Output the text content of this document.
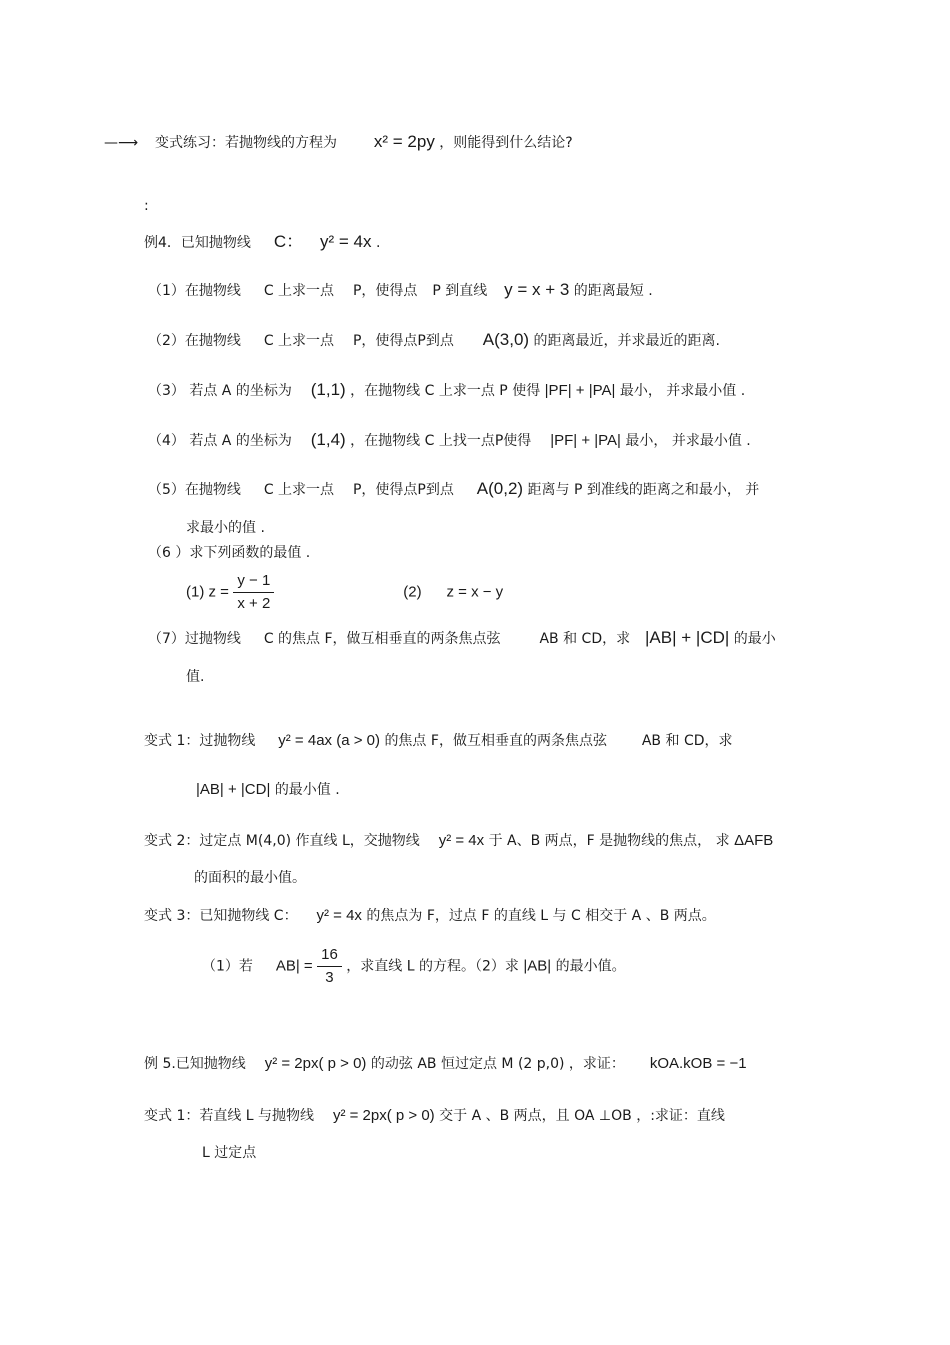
—⟶ 变式练习：若抛物线的方程为 x² = 2py ，则能得到什么结论?
:
例4．已知抛物线 C： y² = 4x .
（1）在抛物线 C 上求一点 P，使得点 P 到直线 y = x + 3 的距离最短 .
（2）在抛物线 C 上求一点 P，使得点P到点 A(3,0) 的距离最近，并求最近的距离.
（3） 若点 A 的坐标为 (1,1) ，在抛物线 C 上求一点 P 使得 |PF| + |PA| 最小， 并求最小值 .
（4） 若点 A 的坐标为 (1,4) ，在抛物线 C 上找一点P使得 |PF| + |PA| 最小， 并求最小值 .
（5）在抛物线 C 上求一点 P，使得点P到点 A(0,2) 距离与 P 到准线的距离之和最小， 并
求最小的值 .
（6 ）求下列函数的最值 .
(1) $z = \frac{y - 1}{x + 2}$	(2) z = x − y
（7）过抛物线 C 的焦点 F，做互相垂直的两条焦点弦	AB 和 CD，求 |AB| + |CD| 的最小
值.
变式 1：过抛物线 y² = 4ax (a > 0) 的焦点 F，做互相垂直的两条焦点弦 AB 和 CD，求
|AB| + |CD| 的最小值 .
变式 2：过定点 M(4,0) 作直线 L，交抛物线 y² = 4x 于 A、B 两点，F 是抛物线的焦点， 求 ΔAFB
的面积的最小值。
变式 3：已知抛物线 C： y² = 4x 的焦点为 F，过点 F 的直线 L 与 C 相交于 A 、B 两点。
（1）若 $AB| = \frac{16}{3}$ ，求直线 L 的方程。（2）求 |AB| 的最小值。
例 5.已知抛物线 y² = 2px( p > 0) 的动弦 AB 恒过定点 M (2 p,0) ，求证： kOA.kOB = −1
变式 1：若直线 L 与抛物线 y² = 2px( p > 0) 交于 A 、B 两点，且 OA ⊥OB ，:求证：直线
L 过定点
